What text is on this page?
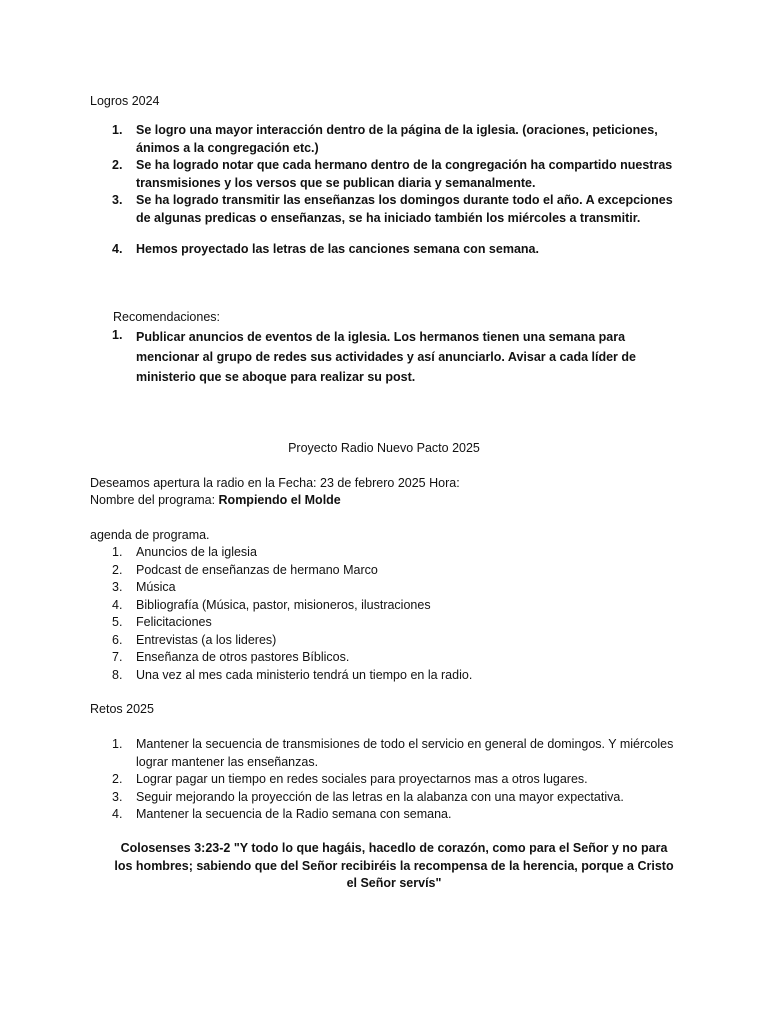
Logros 2024
1.	Se logro una mayor interacción dentro de la página de la iglesia. (oraciones, peticiones, ánimos a la congregación etc.)
2.	Se ha logrado notar que cada hermano dentro de la congregación ha compartido nuestras transmisiones y los versos que se publican diaria y semanalmente.
3.	Se ha logrado transmitir las enseñanzas los domingos durante todo el año. A excepciones de algunas predicas o enseñanzas, se ha iniciado también los miércoles a transmitir.
4.	Hemos proyectado las letras de las canciones semana con semana.
Recomendaciones:
1.	Publicar anuncios de eventos de la iglesia. Los hermanos tienen una semana para mencionar al grupo de redes sus actividades y así anunciarlo. Avisar a cada líder de ministerio que se aboque para realizar su post.
Proyecto Radio Nuevo Pacto 2025
Deseamos apertura la radio en la Fecha: 23 de febrero 2025 Hora:
Nombre del programa: Rompiendo el Molde
agenda de programa.
1.	Anuncios de la iglesia
2.	Podcast de enseñanzas de hermano Marco
3.	Música
4.	Bibliografía (Música, pastor, misioneros, ilustraciones
5.	Felicitaciones
6.	Entrevistas (a los lideres)
7.	Enseñanza de otros pastores Bíblicos.
8.	Una vez al mes cada ministerio tendrá un tiempo en la radio.
Retos 2025
1.	Mantener la secuencia de transmisiones de todo el servicio en general de domingos. Y miércoles lograr mantener las enseñanzas.
2.	Lograr pagar un tiempo en redes sociales para proyectarnos mas a otros lugares.
3.	Seguir mejorando la proyección de las letras en la alabanza con una mayor expectativa.
4.	Mantener la secuencia de la Radio semana con semana.
Colosenses 3:23-2 "Y todo lo que hagáis, hacedlo de corazón, como para el Señor y no para los hombres; sabiendo que del Señor recibiréis la recompensa de la herencia, porque a Cristo el Señor servís"
